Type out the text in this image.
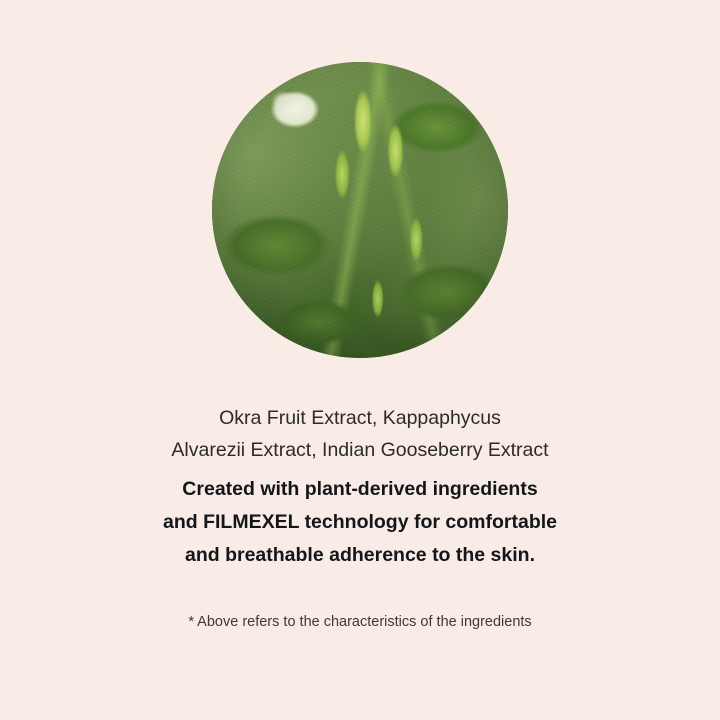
Okra Fruit Extract, Kappaphycus
Alvarezii Extract, Indian Gooseberry Extract
Created with plant-derived ingredients
and FILMEXEL technology for comfortable
and breathable adherence to the skin.
* Above refers to the characteristics of the ingredients
